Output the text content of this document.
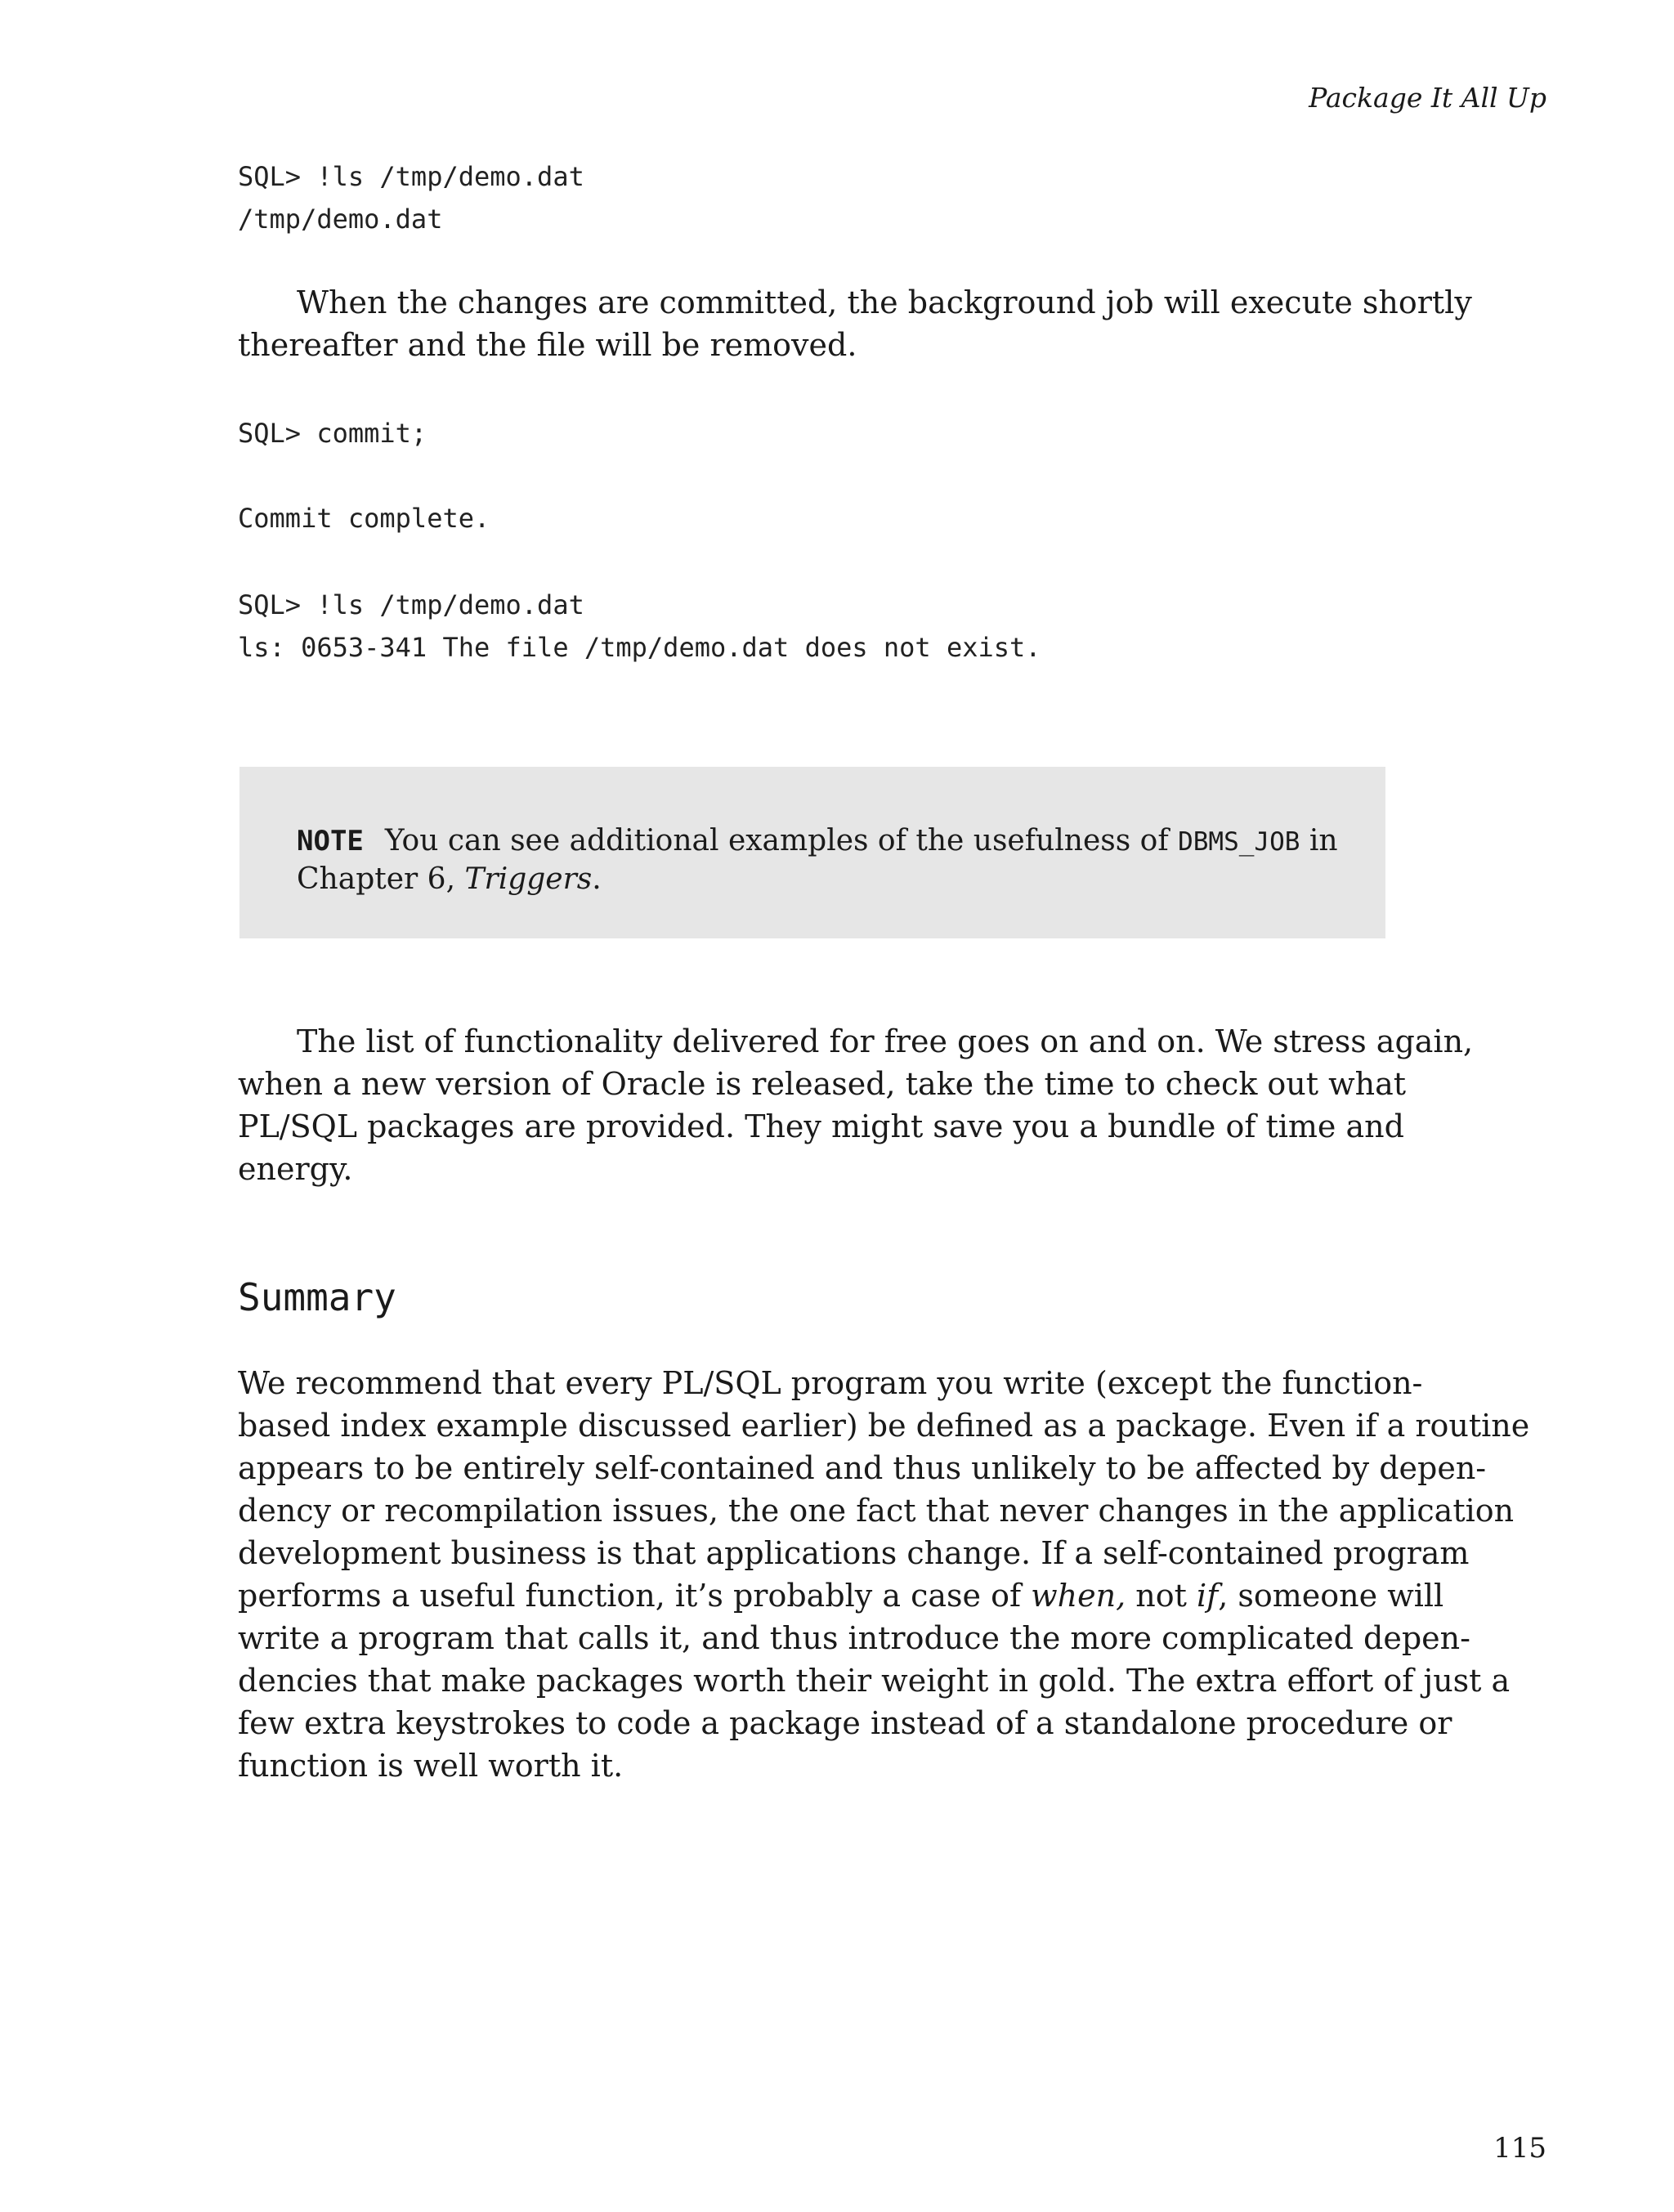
Package It All Up

SQL> !ls /tmp/demo.dat

/tmp/demo.dat

When the changes are committed, the background job will execute shortly
thereafter and the file will be removed.

SQL> commit;

Commit complete.

SQL> !ls /tmp/demo.dat

ls: 0653-341 The file /tmp/demo.dat does not exist.

NOTE You can see additional examples of the usefulness of DBMS_JOB in
Chapter 6, Triggers.

The list of functionality delivered for free goes on and on. We stress again,
when a new version of Oracle is released, take the time to check out what
PL/SQL packages are provided. They might save you a bundle of time and
energy.

Summary

We recommend that every PL/SQL program you write (except the function-
based index example discussed earlier) be defined as a package. Even if a routine
appears to be entirely self-contained and thus unlikely to be affected by depen-
dency or recompilation issues, the one fact that never changes in the application
development business is that applications change. If a self-contained program
performs a useful function, it’s probably a case of when, not if, someone will
write a program that calls it, and thus introduce the more complicated depen-
dencies that make packages worth their weight in gold. The extra effort of just a
few extra keystrokes to code a package instead of a standalone procedure or
function is well worth it.

115
